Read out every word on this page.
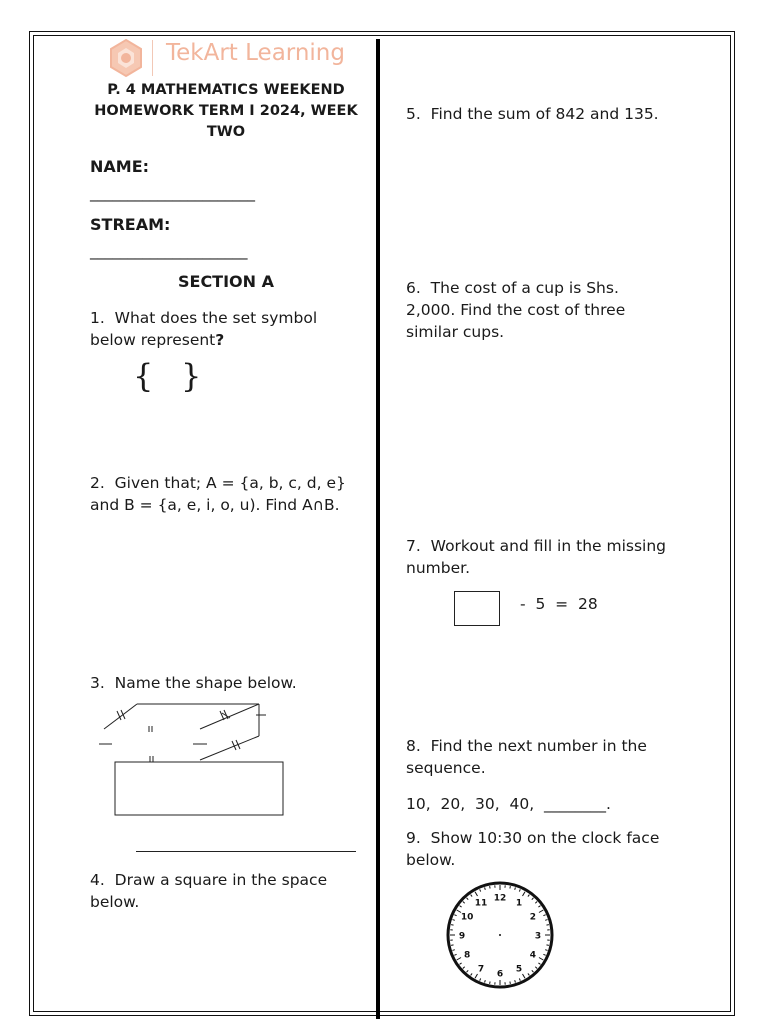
TekArt Learning
P. 4 MATHEMATICS WEEKEND HOMEWORK TERM I 2024, WEEK TWO
NAME:
______________________
STREAM:
_____________________
SECTION A
1. What does the set symbol below represent?
{ }
2. Given that; A = {a, b, c, d, e} and B = {a, e, i, o, u). Find A∩B.
3. Name the shape below.
4. Draw a square in the space below.
5. Find the sum of 842 and 135.
6. The cost of a cup is Shs. 2,000. Find the cost of three similar cups.
7. Workout and fill in the missing number.
-  5  =  28
8. Find the next number in the sequence.
10,  20,  30,  40,  ________.
9. Show 10:30 on the clock face below.
12
1
2
3
4
5
6
7
8
9
10
11
